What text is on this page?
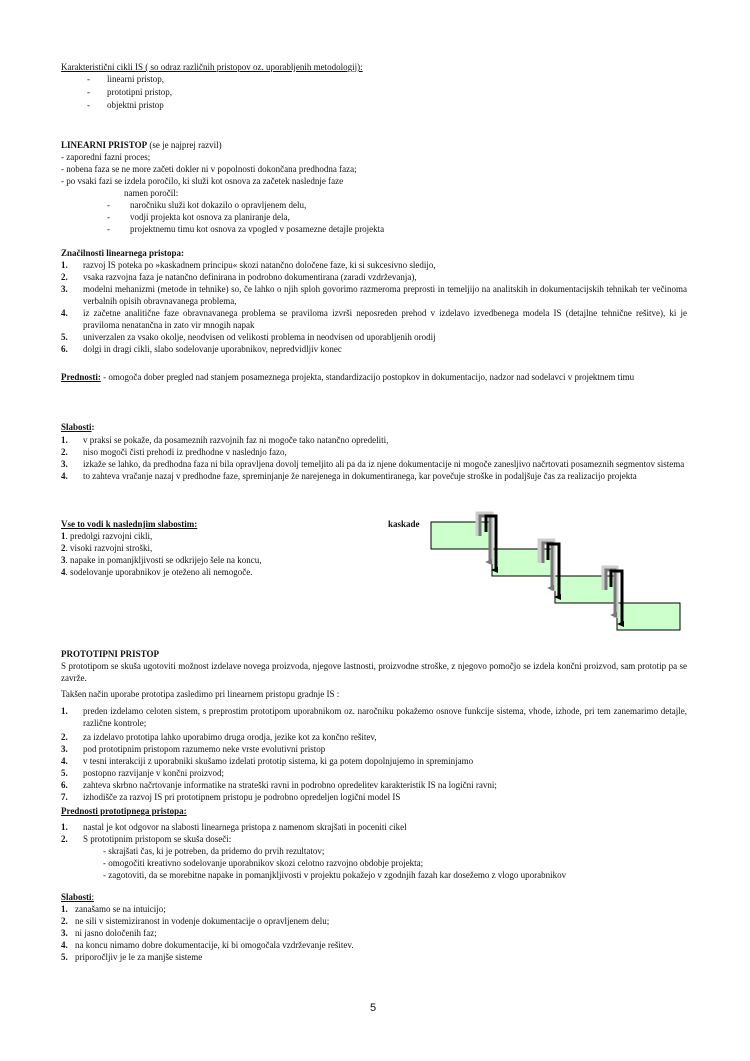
Karakteristični cikli IS ( so odraz različnih pristopov oz. uporabljenih metodologij):
- linearni pristop,
- prototipni pristop,
- objektni pristop
LINEARNI PRISTOP (se je najprej razvil)
- zaporedni fazni proces;
- nobena faza se ne more začeti dokler ni v popolnosti dokončana predhodna faza;
- po vsaki fazi se izdela poročilo, ki služi kot osnova za začetek naslednje faze
namen poročil:
- naročniku služi kot dokazilo o opravljenem delu,
- vodji projekta kot osnova za planiranje dela,
- projektnemu timu kot osnova za vpogled v posamezne detajle projekta
Značilnosti linearnega pristopa:
1. razvoj IS poteka po »kaskadnem principu« skozi natančno določene faze, ki si sukcesivno sledijo,
2. vsaka razvojna faza je natančno definirana in podrobno dokumentirana (zaradi vzdrževanja),
3. modelni mehanizmi (metode in tehnike) so, če lahko o njih sploh govorimo razmeroma preprosti in temeljijo na analitskih in dokumentacijskih tehnikah ter večinoma verbalnih opisih obravnavanega problema,
4. iz začetne analitične faze obravnavanega problema se praviloma izvrši neposreden prehod v izdelavo izvedbenega modela IS (detajlne tehnične rešitve), ki je praviloma nenatančna in zato vir mnogih napak
5. univerzalen za vsako okolje, neodvisen od velikosti problema in neodvisen od uporabljenih orodij
6. dolgi in dragi cikli, slabo sodelovanje uporabnikov, nepredvidljiv konec
Prednosti: - omogoča dober pregled nad stanjem posameznega projekta, standardizacijo postopkov in dokumentacijo, nadzor nad sodelavci v projektnem timu
Slabosti:
1. v praksi se pokaže, da posameznih razvojnih faz ni mogoče tako natančno opredeliti,
2. niso mogoči čisti prehodi iz predhodne v naslednjo fazo,
3. izkaže se lahko, da predhodna faza ni bila opravljena dovolj temeljito ali pa da iz njene dokumentacije ni mogoče zanesljivo načrtovati posameznih segmentov sistema
4. to zahteva vračanje nazaj v predhodne faze, spreminjanje že narejenega in dokumentiranega, kar povečuje stroške in podaljšuje čas za realizacijo projekta
Vse to vodi k naslednjim slabostim:
1. predolgi razvojni cikli,
2. visoki razvojni stroški,
3. napake in pomanjkljivosti se odkrijejo šele na koncu,
4. sodelovanje uporabnikov je oteženo ali nemogoče.
kaskade
PROTOTIPNI PRISTOP
S prototipom se skuša ugotoviti možnost izdelave novega proizvoda, njegove lastnosti, proizvodne stroške, z njegovo pomočjo se izdela končni proizvod, sam prototip pa se zavrže.
Takšen način uporabe prototipa zasledimo pri linearnem pristopu gradnje IS :
1. preden izdelamo celoten sistem, s preprostim prototipom uporabnikom oz. naročniku pokažemo osnove funkcije sistema, vhode, izhode, pri tem zanemarimo detajle, različne kontrole;
2. za izdelavo prototipa lahko uporabimo druga orodja, jezike kot za končno rešitev,
3. pod prototipnim pristopom razumemo neke vrste evolutivni pristop
4. v tesni interakciji z uporabniki skušamo izdelati prototip sistema, ki ga potem dopolnjujemo in spreminjamo
5. postopno razvijanje v končni proizvod;
6. zahteva skrbno načrtovanje informatike na strateški ravni in podrobno opredelitev karakteristik IS na logični ravni;
7. izhodišče za razvoj IS pri prototipnem pristopu je podrobno opredeljen logični model IS
Prednosti prototipnega pristopa:
1. nastal je kot odgovor na slabosti linearnega pristopa z namenom skrajšati in poceniti cikel
2. S prototipnim pristopom se skuša doseči:
- skrajšati čas, ki je potreben, da pridemo do prvih rezultatov;
- omogočiti kreativno sodelovanje uporabnikov skozi celotno razvojno obdobje projekta;
- zagotoviti, da se morebitne napake in pomanjkljivosti v projektu pokažejo v zgodnjih fazah kar dosežemo z vlogo uporabnikov
Slabosti:
1. zanašamo se na intuicijo;
2. ne sili v sistemiziranost in vodenje dokumentacije o opravljenem delu;
3. ni jasno določenih faz;
4. na koncu nimamo dobre dokumentacije, ki bi omogočala vzdrževanje rešitev.
5. priporočljiv je le za manjše sisteme
5
